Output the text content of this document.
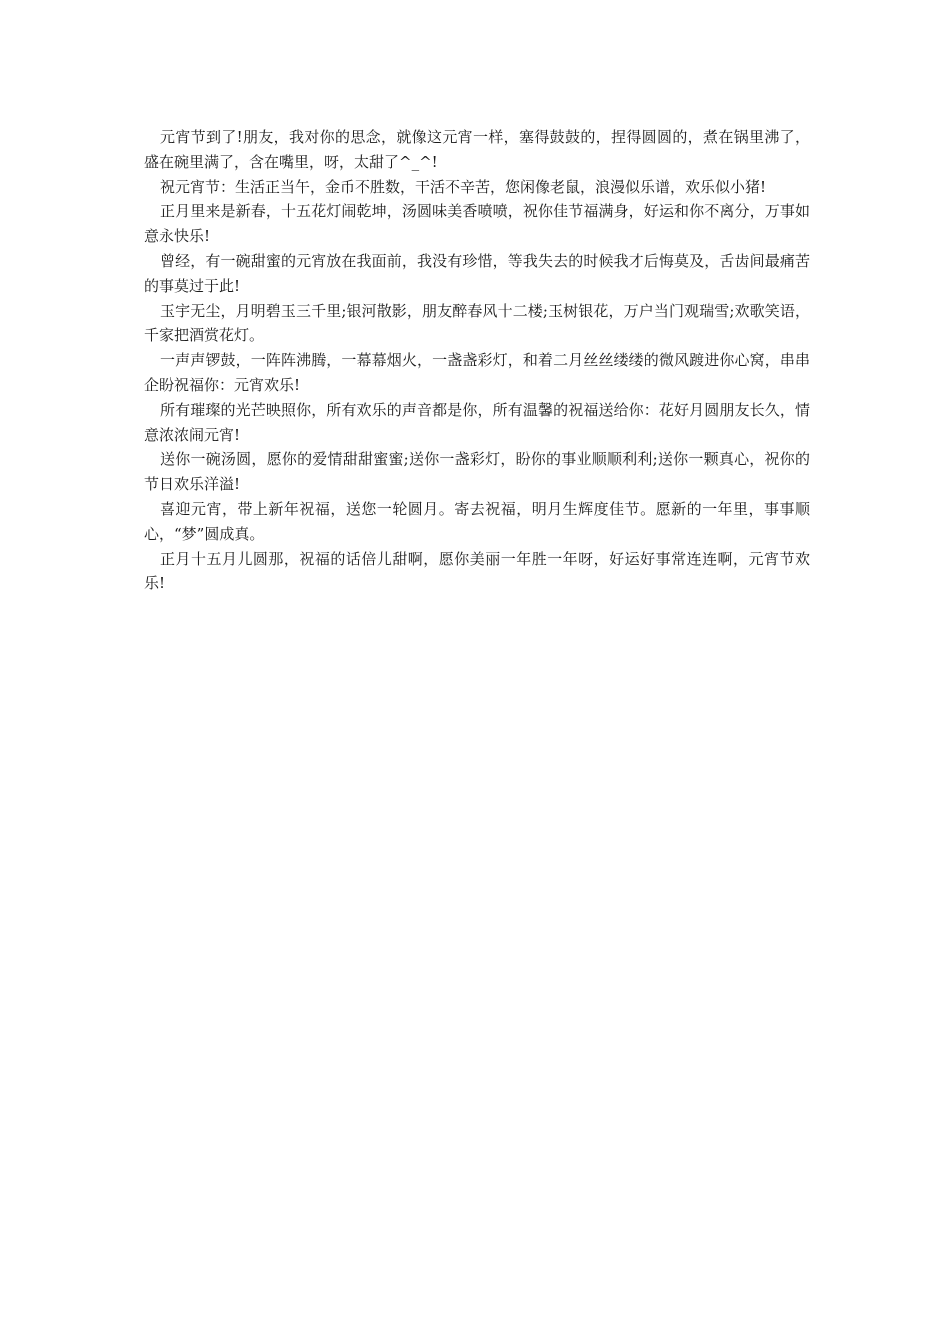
元宵节到了!朋友，我对你的思念，就像这元宵一样，塞得鼓鼓的，捏得圆圆的，煮在锅里沸了，盛在碗里满了，含在嘴里，呀，太甜了^_^!

祝元宵节：生活正当午，金币不胜数，干活不辛苦，您闲像老鼠，浪漫似乐谱，欢乐似小猪!

正月里来是新春，十五花灯闹乾坤，汤圆味美香喷喷，祝你佳节福满身，好运和你不离分，万事如意永快乐!

曾经，有一碗甜蜜的元宵放在我面前，我没有珍惜，等我失去的时候我才后悔莫及，舌齿间最痛苦的事莫过于此!

玉宇无尘，月明碧玉三千里;银河散影，朋友醉春风十二楼;玉树银花，万户当门观瑞雪;欢歌笑语，千家把酒赏花灯。

一声声锣鼓，一阵阵沸腾，一幕幕烟火，一盏盏彩灯，和着二月丝丝缕缕的微风踱进你心窝，串串企盼祝福你：元宵欢乐!

所有璀璨的光芒映照你，所有欢乐的声音都是你，所有温馨的祝福送给你：花好月圆朋友长久，情意浓浓闹元宵!

送你一碗汤圆，愿你的爱情甜甜蜜蜜;送你一盏彩灯，盼你的事业顺顺利利;送你一颗真心，祝你的节日欢乐洋溢!

喜迎元宵，带上新年祝福，送您一轮圆月。寄去祝福，明月生辉度佳节。愿新的一年里，事事顺心，“梦”圆成真。

正月十五月儿圆那，祝福的话倍儿甜啊，愿你美丽一年胜一年呀，好运好事常连连啊，元宵节欢乐!
